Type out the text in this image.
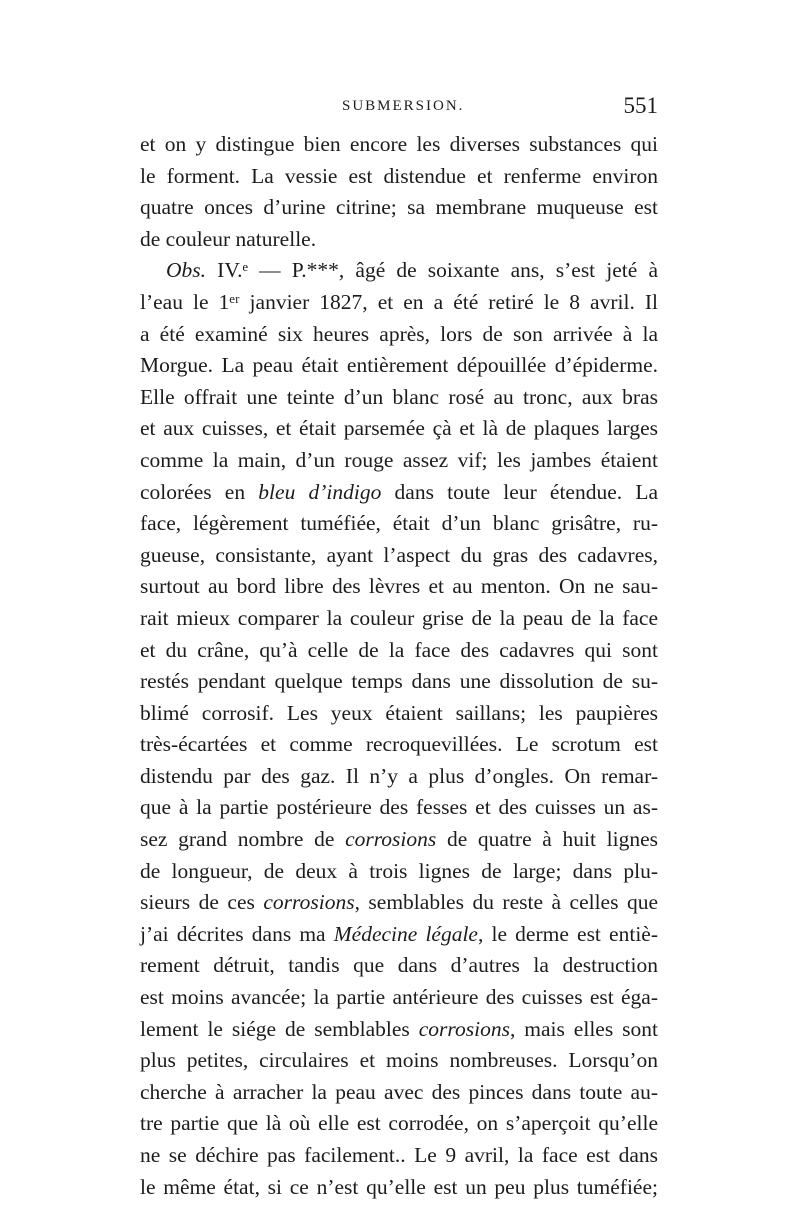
SUBMERSION.	551
et on y distingue bien encore les diverses substances qui
le forment. La vessie est distendue et renferme environ
quatre onces d’urine citrine; sa membrane muqueuse est
de couleur naturelle.
Obs. IV.ᵉ — P.***, âgé de soixante ans, s’est jeté à
l’eau le 1ᵉʳ janvier 1827, et en a été retiré le 8 avril. Il
a été examiné six heures après, lors de son arrivée à la
Morgue. La peau était entièrement dépouillée d’épiderme.
Elle offrait une teinte d’un blanc rosé au tronc, aux bras
et aux cuisses, et était parsemée çà et là de plaques larges
comme la main, d’un rouge assez vif; les jambes étaient
colorées en bleu d’indigo dans toute leur étendue. La
face, légèrement tuméfiée, était d’un blanc grisâtre, ru-
gueuse, consistante, ayant l’aspect du gras des cadavres,
surtout au bord libre des lèvres et au menton. On ne sau-
rait mieux comparer la couleur grise de la peau de la face
et du crâne, qu’à celle de la face des cadavres qui sont
restés pendant quelque temps dans une dissolution de su-
blimé corrosif. Les yeux étaient saillans; les paupières
très-écartées et comme recroquevillées. Le scrotum est
distendu par des gaz. Il n’y a plus d’ongles. On remar-
que à la partie postérieure des fesses et des cuisses un as-
sez grand nombre de corrosions de quatre à huit lignes
de longueur, de deux à trois lignes de large; dans plu-
sieurs de ces corrosions, semblables du reste à celles que
j’ai décrites dans ma Médecine légale, le derme est entiè-
rement détruit, tandis que dans d’autres la destruction
est moins avancée; la partie antérieure des cuisses est éga-
lement le siége de semblables corrosions, mais elles sont
plus petites, circulaires et moins nombreuses. Lorsqu’on
cherche à arracher la peau avec des pinces dans toute au-
tre partie que là où elle est corrodée, on s’aperçoit qu’elle
ne se déchire pas facilement.. Le 9 avril, la face est dans
le même état, si ce n’est qu’elle est un peu plus tuméfiée;
